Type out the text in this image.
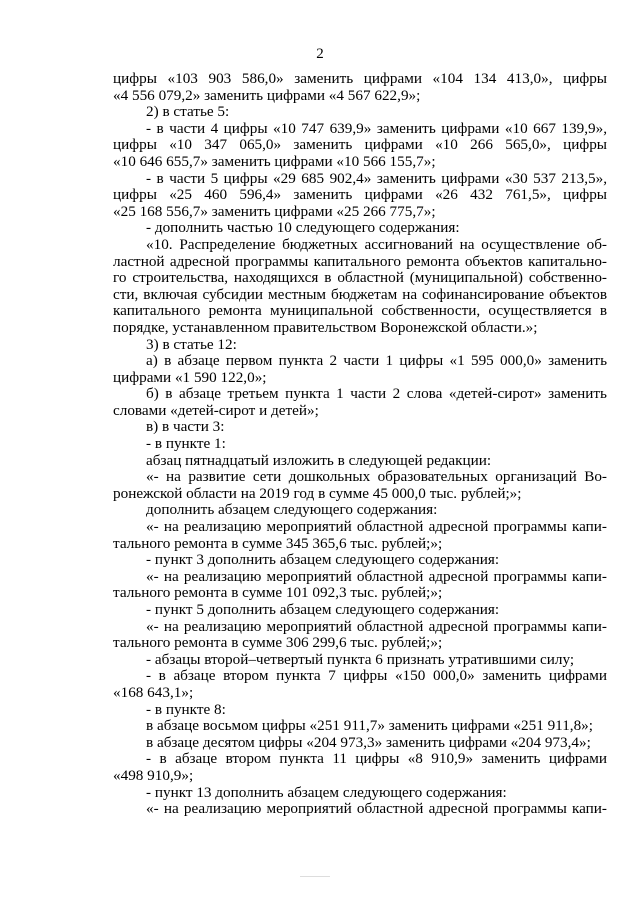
2
цифры «103 903 586,0» заменить цифрами «104 134 413,0», цифры
«4 556 079,2» заменить цифрами «4 567 622,9»;
2) в статье 5:
- в части 4 цифры «10 747 639,9» заменить цифрами «10 667 139,9»,
цифры «10 347 065,0» заменить цифрами «10 266 565,0», цифры
«10 646 655,7» заменить цифрами «10 566 155,7»;
- в части 5 цифры «29 685 902,4» заменить цифрами «30 537 213,5»,
цифры «25 460 596,4» заменить цифрами «26 432 761,5», цифры
«25 168 556,7» заменить цифрами «25 266 775,7»;
- дополнить частью 10 следующего содержания:
«10. Распределение бюджетных ассигнований на осуществление об-
ластной адресной программы капитального ремонта объектов капитально-
го строительства, находящихся в областной (муниципальной) собственно-
сти, включая субсидии местным бюджетам на софинансирование объектов
капитального ремонта муниципальной собственности, осуществляется в
порядке, устанавленном правительством Воронежской области.»;
3) в статье 12:
а) в абзаце первом пункта 2 части 1 цифры «1 595 000,0» заменить
цифрами «1 590 122,0»;
б) в абзаце третьем пункта 1 части 2 слова «детей-сирот» заменить
словами «детей-сирот и детей»;
в) в части 3:
- в пункте 1:
абзац пятнадцатый изложить в следующей редакции:
«- на развитие сети дошкольных образовательных организаций Во-
ронежской области на 2019 год в сумме 45 000,0 тыс. рублей;»;
дополнить абзацем следующего содержания:
«- на реализацию мероприятий областной адресной программы капи-
тального ремонта в сумме 345 365,6 тыс. рублей;»;
- пункт 3 дополнить абзацем следующего содержания:
«- на реализацию мероприятий областной адресной программы капи-
тального ремонта в сумме 101 092,3 тыс. рублей;»;
- пункт 5 дополнить абзацем следующего содержания:
«- на реализацию мероприятий областной адресной программы капи-
тального ремонта в сумме 306 299,6 тыс. рублей;»;
- абзацы второй–четвертый пункта 6 признать утратившими силу;
- в абзаце втором пункта 7 цифры «150 000,0» заменить цифрами
«168 643,1»;
- в пункте 8:
в абзаце восьмом цифры «251 911,7» заменить цифрами «251 911,8»;
в абзаце десятом цифры «204 973,3» заменить цифрами «204 973,4»;
- в абзаце втором пункта 11 цифры «8 910,9» заменить цифрами
«498 910,9»;
- пункт 13 дополнить абзацем следующего содержания:
«- на реализацию мероприятий областной адресной программы капи-
